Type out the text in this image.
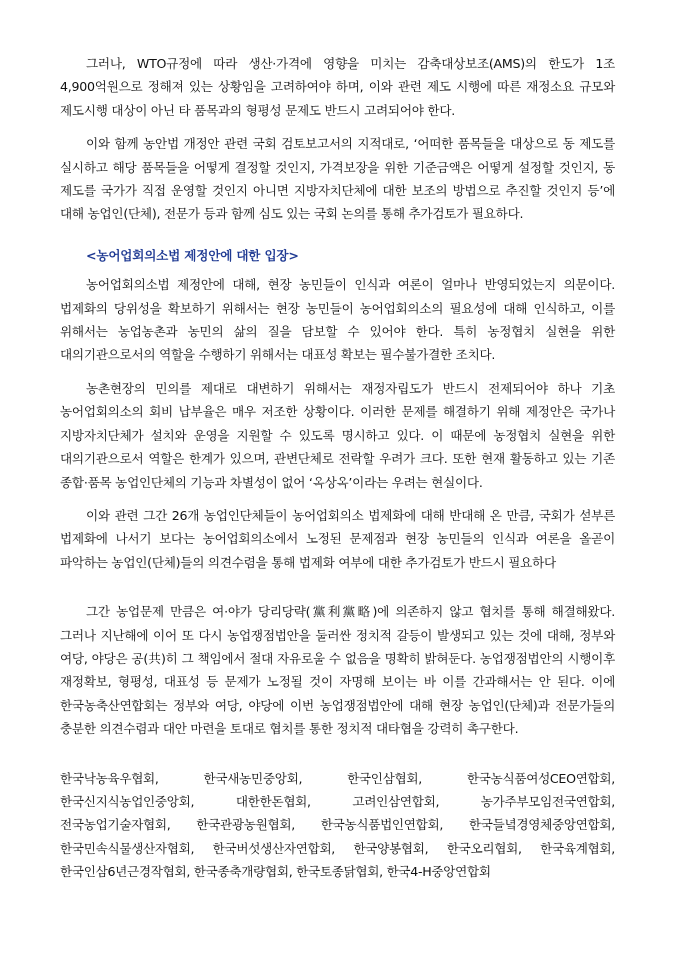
그러나, WTO규정에 따라 생산·가격에 영향을 미치는 감축대상보조(AMS)의 한도가 1조 4,900억원으로 정해져 있는 상황임을 고려하여야 하며, 이와 관련 제도 시행에 따른 재정소요 규모와 제도시행 대상이 아닌 타 품목과의 형평성 문제도 반드시 고려되어야 한다.

이와 함께 농안법 개정안 관련 국회 검토보고서의 지적대로, ‘어떠한 품목들을 대상으로 동 제도를 실시하고 해당 품목들을 어떻게 결정할 것인지, 가격보장을 위한 기준금액은 어떻게 설정할 것인지, 동 제도를 국가가 직접 운영할 것인지 아니면 지방자치단체에 대한 보조의 방법으로 추진할 것인지 등’에 대해 농업인(단체), 전문가 등과 함께 심도 있는 국회 논의를 통해 추가검토가 필요하다.

<농어업회의소법 제정안에 대한 입장>

농어업회의소법 제정안에 대해, 현장 농민들이 인식과 여론이 얼마나 반영되었는지 의문이다. 법제화의 당위성을 확보하기 위해서는 현장 농민들이 농어업회의소의 필요성에 대해 인식하고, 이를 위해서는 농업농촌과 농민의 삶의 질을 담보할 수 있어야 한다. 특히 농정협치 실현을 위한 대의기관으로서의 역할을 수행하기 위해서는 대표성 확보는 필수불가결한 조치다.

농촌현장의 민의를 제대로 대변하기 위해서는 재정자립도가 반드시 전제되어야 하나 기초 농어업회의소의 회비 납부율은 매우 저조한 상황이다. 이러한 문제를 해결하기 위해 제정안은 국가나 지방자치단체가 설치와 운영을 지원할 수 있도록 명시하고 있다. 이 때문에 농정협치 실현을 위한 대의기관으로서 역할은 한계가 있으며, 관변단체로 전락할 우려가 크다. 또한 현재 활동하고 있는 기존 종합·품목 농업인단체의 기능과 차별성이 없어 ‘옥상옥’이라는 우려는 현실이다.

이와 관련 그간 26개 농업인단체들이 농어업회의소 법제화에 대해 반대해 온 만큼, 국회가 섣부른 법제화에 나서기 보다는 농어업회의소에서 노정된 문제점과 현장 농민들의 인식과 여론을 올곧이 파악하는 농업인(단체)들의 의견수렴을 통해 법제화 여부에 대한 추가검토가 반드시 필요하다

그간 농업문제 만큼은 여·야가 당리당략(黨利黨略)에 의존하지 않고 협치를 통해 해결해왔다. 그러나 지난해에 이어 또 다시 농업쟁점법안을 둘러싼 정치적 갈등이 발생되고 있는 것에 대해, 정부와 여당, 야당은 공(共)히 그 책임에서 절대 자유로울 수 없음을 명확히 밝혀둔다. 농업쟁점법안의 시행이후 재정확보, 형평성, 대표성 등 문제가 노정될 것이 자명해 보이는 바 이를 간과해서는 안 된다. 이에 한국농축산연합회는 정부와 여당, 야당에 이번 농업쟁점법안에 대해 현장 농업인(단체)과 전문가들의 충분한 의견수렴과 대안 마련을 토대로 협치를 통한 정치적 대타협을 강력히 촉구한다.

한국낙농육우협회, 한국새농민중앙회, 한국인삼협회, 한국농식품여성CEO연합회, 한국신지식농업인중앙회, 대한한돈협회, 고려인삼연합회, 농가주부모임전국연합회, 전국농업기술자협회, 한국관광농원협회, 한국농식품법인연합회, 한국들녘경영체중앙연합회, 한국민속식물생산자협회, 한국버섯생산자연합회, 한국양봉협회, 한국오리협회, 한국육계협회, 한국인삼6년근경작협회, 한국종축개량협회, 한국토종닭협회, 한국4-H중앙연합회
